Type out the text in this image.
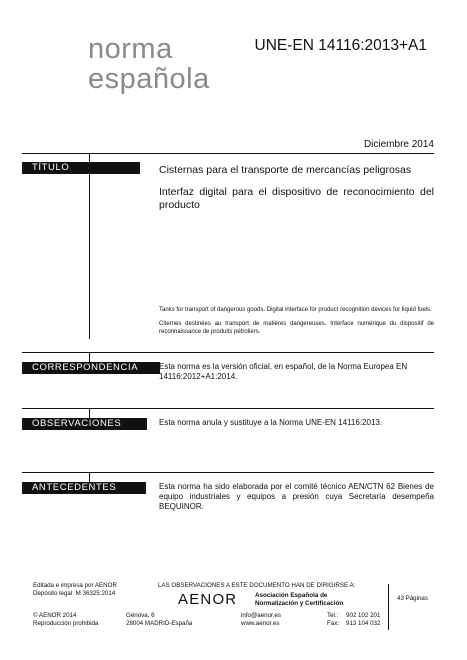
norma
española
UNE-EN 14116:2013+A1
Diciembre 2014
TÍTULO	Cisternas para el transporte de mercancías peligrosas
Interfaz digital para el dispositivo de reconocimiento del producto
Tanks for transport of dangerous goods. Digital interface for product recognition devices for liquid fuels.
Citernes destinées au transport de matières dangereuses. Interface numérique du dispositif de reconnaissance de produits pétroliers.
CORRESPONDENCIA	Esta norma es la versión oficial, en español, de la Norma Europea EN 14116:2012+A1:2014.
OBSERVACIONES	Esta norma anula y sustituye a la Norma UNE-EN 14116:2013.
ANTECEDENTES	Esta norma ha sido elaborada por el comité técnico AEN/CTN 62 Bienes de equipo industriales y equipos a presión cuya Secretaría desempeña BEQUINOR.
Editada e impresa por AENOR
Depósito legal: M 36325:2014
© AENOR 2014
Reproducción prohibida
LAS OBSERVACIONES A ESTE DOCUMENTO HAN DE DIRIGIRSE A:
AENOR	Asociación Española de
Normalización y Certificación
Génova, 6
28004 MADRID-España
info@aenor.es
www.aenor.es
Tel.:
Fax:
902 102 201
913 104 032
43 Páginas
